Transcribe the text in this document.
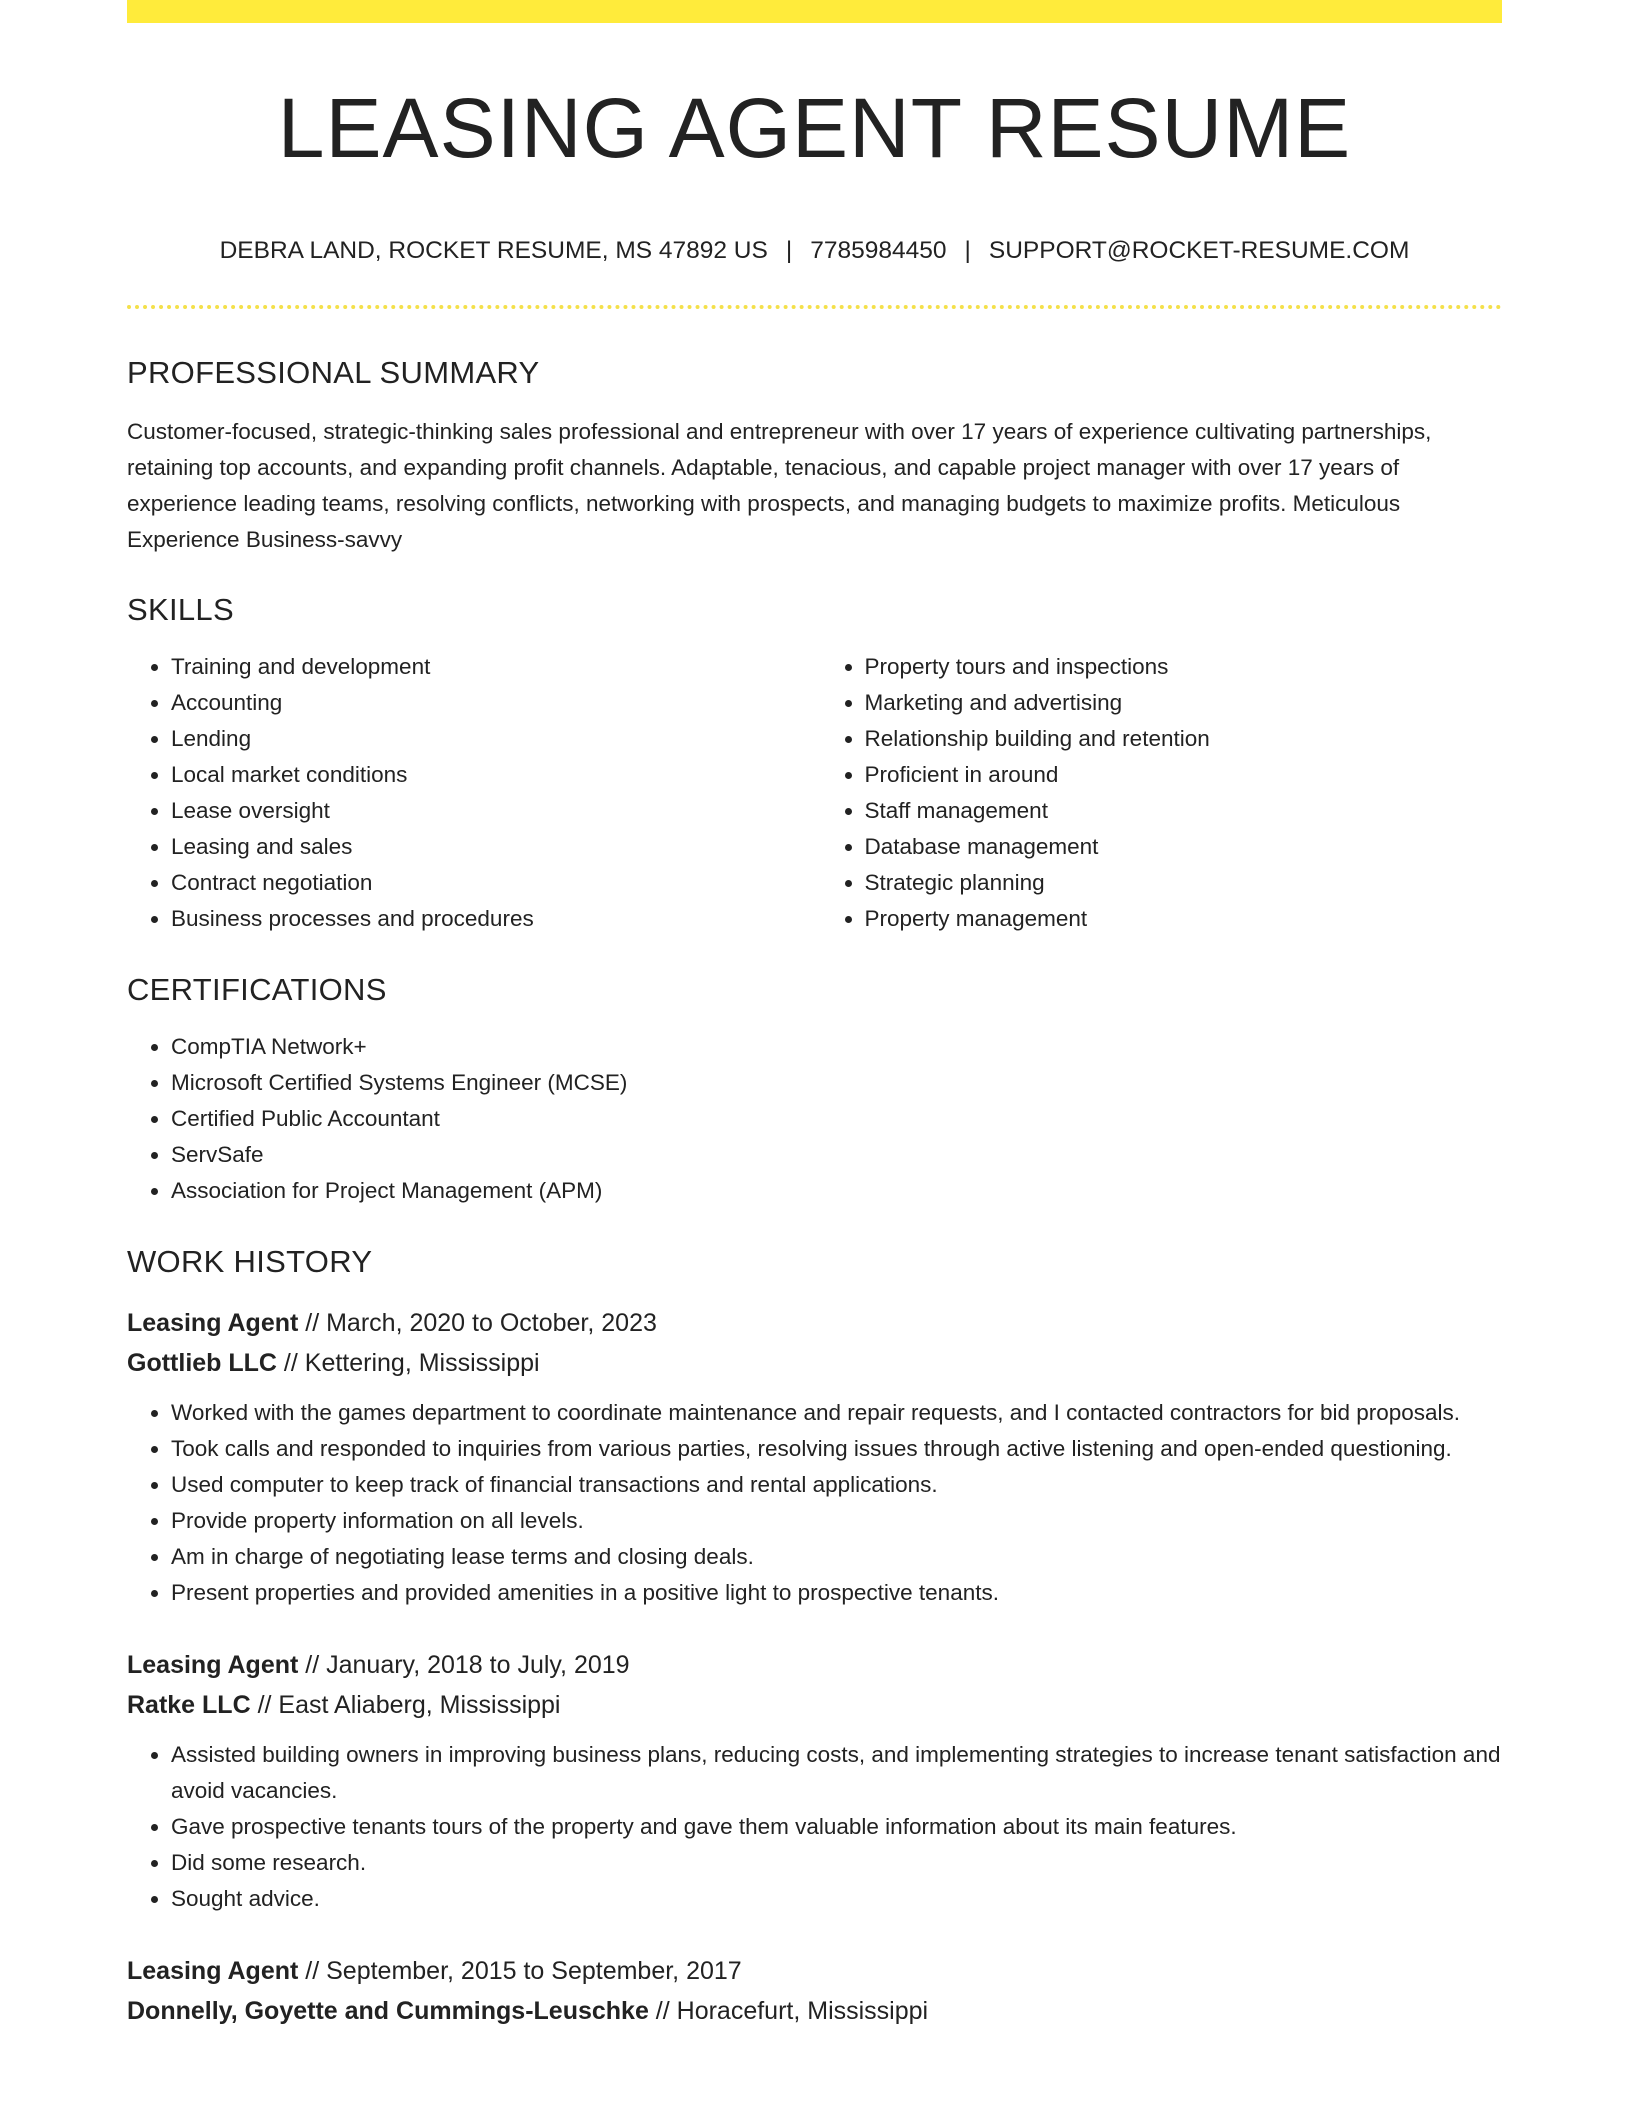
LEASING AGENT RESUME
DEBRA LAND, ROCKET RESUME, MS 47892 US | 7785984450 | SUPPORT@ROCKET-RESUME.COM
PROFESSIONAL SUMMARY
Customer-focused, strategic-thinking sales professional and entrepreneur with over 17 years of experience cultivating partnerships, retaining top accounts, and expanding profit channels. Adaptable, tenacious, and capable project manager with over 17 years of experience leading teams, resolving conflicts, networking with prospects, and managing budgets to maximize profits. Meticulous Experience Business-savvy
SKILLS
• Training and development
• Accounting
• Lending
• Local market conditions
• Lease oversight
• Leasing and sales
• Contract negotiation
• Business processes and procedures
• Property tours and inspections
• Marketing and advertising
• Relationship building and retention
• Proficient in around
• Staff management
• Database management
• Strategic planning
• Property management
CERTIFICATIONS
• CompTIA Network+
• Microsoft Certified Systems Engineer (MCSE)
• Certified Public Accountant
• ServSafe
• Association for Project Management (APM)
WORK HISTORY
Leasing Agent // March, 2020 to October, 2023
Gottlieb LLC // Kettering, Mississippi
• Worked with the games department to coordinate maintenance and repair requests, and I contacted contractors for bid proposals.
• Took calls and responded to inquiries from various parties, resolving issues through active listening and open-ended questioning.
• Used computer to keep track of financial transactions and rental applications.
• Provide property information on all levels.
• Am in charge of negotiating lease terms and closing deals.
• Present properties and provided amenities in a positive light to prospective tenants.
Leasing Agent // January, 2018 to July, 2019
Ratke LLC // East Aliaberg, Mississippi
• Assisted building owners in improving business plans, reducing costs, and implementing strategies to increase tenant satisfaction and avoid vacancies.
• Gave prospective tenants tours of the property and gave them valuable information about its main features.
• Did some research.
• Sought advice.
Leasing Agent // September, 2015 to September, 2017
Donnelly, Goyette and Cummings-Leuschke // Horacefurt, Mississippi
